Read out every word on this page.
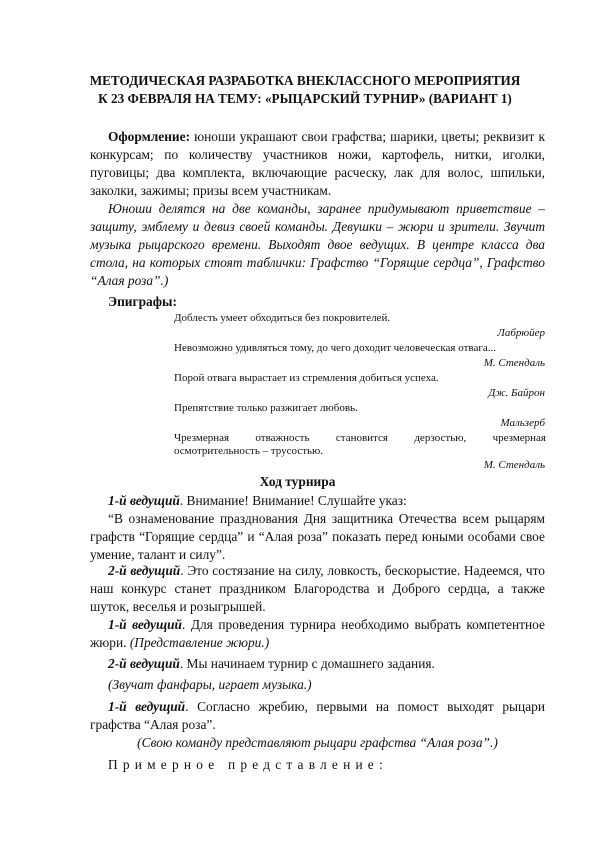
МЕТОДИЧЕСКАЯ РАЗРАБОТКА ВНЕКЛАССНОГО МЕРОПРИЯТИЯ
К 23 ФЕВРАЛЯ НА ТЕМУ: «РЫЦАРСКИЙ ТУРНИР» (ВАРИАНТ 1)

Оформление: юноши украшают свои графства; шарики, цветы; реквизит к конкурсам; по количеству участников ножи, картофель, нитки, иголки, пуговицы; два комплекта, включающие расческу, лак для волос, шпильки, заколки, зажимы; призы всем участникам.

Юноши делятся на две команды, заранее придумывают приветствие – защиту, эмблему и девиз своей команды. Девушки – жюри и зрители. Звучит музыка рыцарского времени. Выходят двое ведущих. В центре класса два стола, на которых стоят таблички: Графство “Горящие сердца”, Графство “Алая роза”.)

Эпиграфы:

Доблесть умеет обходиться без покровителей.

Лабрюйер

Невозможно удивляться тому, до чего доходит человеческая отвага...

М. Стендаль

Порой отвага вырастает из стремления добиться успеха.

Дж. Байрон

Препятствие только разжигает любовь.

Мальзерб

Чрезмерная отважность становится дерзостью, чрезмерная

осмотрительность – трусостью.

М. Стендаль
Ход турнира

1-й ведущий. Внимание! Внимание! Слушайте указ:

“В ознаменование празднования Дня защитника Отечества всем рыцарям графств “Горящие сердца” и “Алая роза” показать перед юными особами свое умение, талант и силу”.

2-й ведущий. Это состязание на силу, ловкость, бескорыстие. Надеемся, что наш конкурс станет праздником Благородства и Доброго сердца, а также шуток, веселья и розыгрышей.

1-й ведущий. Для проведения турнира необходимо выбрать компетентное жюри. (Представление жюри.)

2-й ведущий. Мы начинаем турнир с домашнего задания.

(Звучат фанфары, играет музыка.)

1-й ведущий. Согласно жребию, первыми на помост выходят рыцари графства “Алая роза”.

(Свою команду представляют рыцари графства “Алая роза”.)
Примерное представление:
